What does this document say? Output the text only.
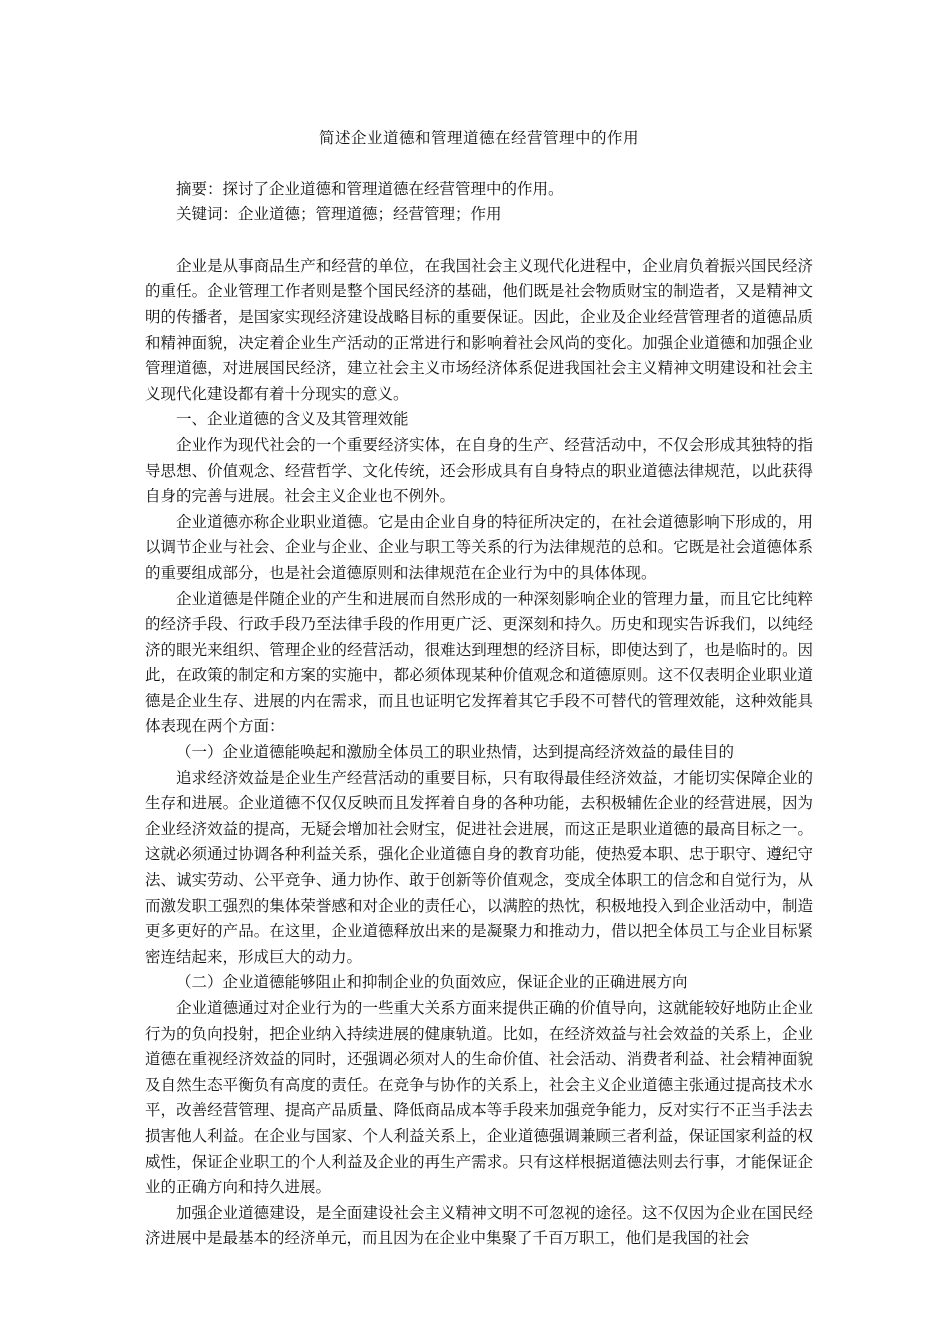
简述企业道德和管理道德在经营管理中的作用

摘要：探讨了企业道德和管理道德在经营管理中的作用。

关键词：企业道德；管理道德；经营管理；作用

企业是从事商品生产和经营的单位，在我国社会主义现代化进程中，企业肩负着振兴国民经济的重任。企业管理工作者则是整个国民经济的基础，他们既是社会物质财宝的制造者，又是精神文明的传播者，是国家实现经济建设战略目标的重要保证。因此，企业及企业经营管理者的道德品质和精神面貌，决定着企业生产活动的正常进行和影响着社会风尚的变化。加强企业道德和加强企业管理道德，对进展国民经济，建立社会主义市场经济体系促进我国社会主义精神文明建设和社会主义现代化建设都有着十分现实的意义。

一、企业道德的含义及其管理效能

企业作为现代社会的一个重要经济实体，在自身的生产、经营活动中，不仅会形成其独特的指导思想、价值观念、经营哲学、文化传统，还会形成具有自身特点的职业道德法律规范，以此获得自身的完善与进展。社会主义企业也不例外。

企业道德亦称企业职业道德。它是由企业自身的特征所决定的，在社会道德影响下形成的，用以调节企业与社会、企业与企业、企业与职工等关系的行为法律规范的总和。它既是社会道德体系的重要组成部分，也是社会道德原则和法律规范在企业行为中的具体体现。

企业道德是伴随企业的产生和进展而自然形成的一种深刻影响企业的管理力量，而且它比纯粹的经济手段、行政手段乃至法律手段的作用更广泛、更深刻和持久。历史和现实告诉我们，以纯经济的眼光来组织、管理企业的经营活动，很难达到理想的经济目标，即使达到了，也是临时的。因此，在政策的制定和方案的实施中，都必须体现某种价值观念和道德原则。这不仅表明企业职业道德是企业生存、进展的内在需求，而且也证明它发挥着其它手段不可替代的管理效能，这种效能具体表现在两个方面：

（一）企业道德能唤起和激励全体员工的职业热情，达到提高经济效益的最佳目的

追求经济效益是企业生产经营活动的重要目标，只有取得最佳经济效益，才能切实保障企业的生存和进展。企业道德不仅仅反映而且发挥着自身的各种功能，去积极辅佐企业的经营进展，因为企业经济效益的提高，无疑会增加社会财宝，促进社会进展，而这正是职业道德的最高目标之一。这就必须通过协调各种利益关系，强化企业道德自身的教育功能，使热爱本职、忠于职守、遵纪守法、诚实劳动、公平竞争、通力协作、敢于创新等价值观念，变成全体职工的信念和自觉行为，从而激发职工强烈的集体荣誉感和对企业的责任心，以满腔的热忱，积极地投入到企业活动中，制造更多更好的产品。在这里，企业道德释放出来的是凝聚力和推动力，借以把全体员工与企业目标紧密连结起来，形成巨大的动力。

（二）企业道德能够阻止和抑制企业的负面效应，保证企业的正确进展方向

企业道德通过对企业行为的一些重大关系方面来提供正确的价值导向，这就能较好地防止企业行为的负向投射，把企业纳入持续进展的健康轨道。比如，在经济效益与社会效益的关系上，企业道德在重视经济效益的同时，还强调必须对人的生命价值、社会活动、消费者利益、社会精神面貌及自然生态平衡负有高度的责任。在竞争与协作的关系上，社会主义企业道德主张通过提高技术水平，改善经营管理、提高产品质量、降低商品成本等手段来加强竞争能力，反对实行不正当手法去损害他人利益。在企业与国家、个人利益关系上，企业道德强调兼顾三者利益，保证国家利益的权威性，保证企业职工的个人利益及企业的再生产需求。只有这样根据道德法则去行事，才能保证企业的正确方向和持久进展。

加强企业道德建设，是全面建设社会主义精神文明不可忽视的途径。这不仅因为企业在国民经济进展中是最基本的经济单元，而且因为在企业中集聚了千百万职工，他们是我国的社会
